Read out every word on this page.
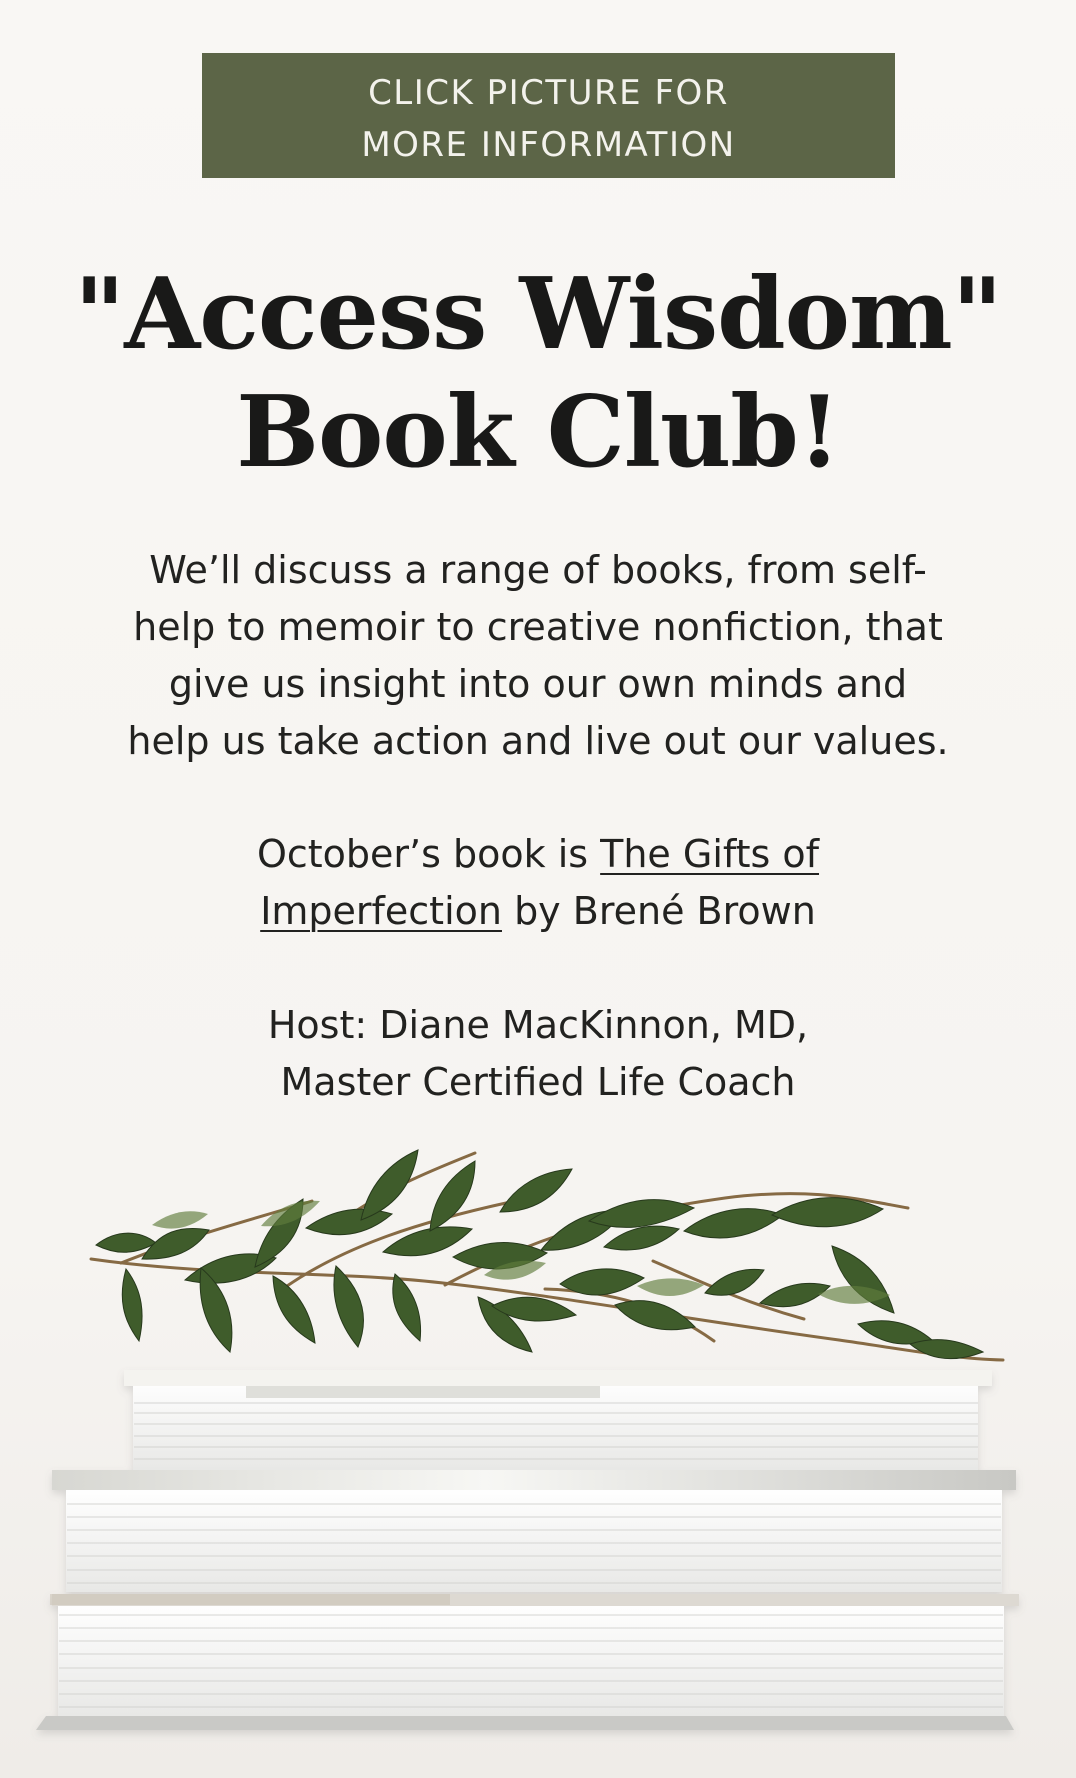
CLICK PICTURE FOR
MORE INFORMATION
"Access Wisdom"
Book Club!
We’ll discuss a range of books, from self-
help to memoir to creative nonfiction, that
give us insight into our own minds and
help us take action and live out our values.
October’s book is The Gifts of
Imperfection by Brené Brown
Host: Diane MacKinnon, MD,
Master Certified Life Coach
